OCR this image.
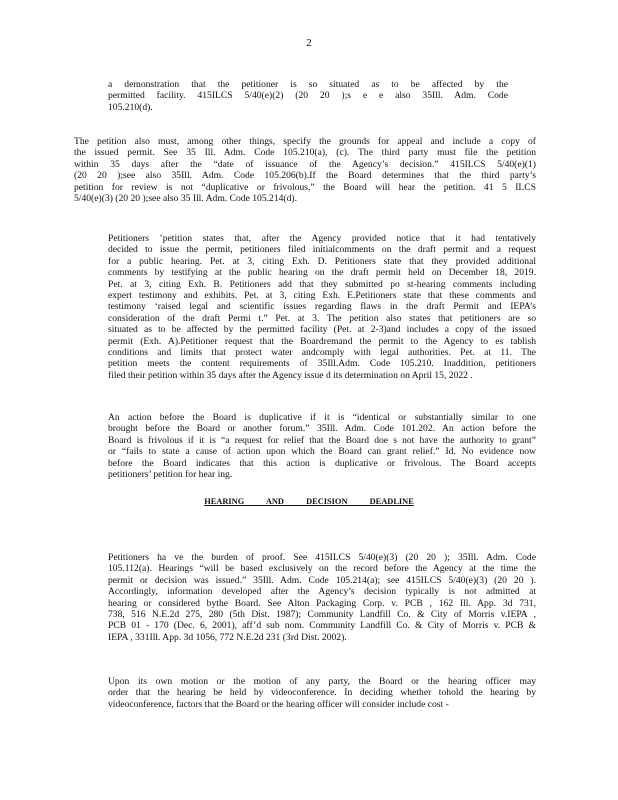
2
a demonstration that the petitioner is so situated as to be affected by the
permitted facility. 415ILCS 5/40(e)(2) (20 20 );s e e also 35Ill. Adm. Code
105.210(d).
The petition also must, among other things, specify the grounds for appeal and include a copy of
the issued permit. See 35 Ill. Adm. Code 105.210(a), (c). The third party must file the petition
within 35 days after the “date of issuance of the Agency’s decision.” 415ILCS 5/40(e)(1)
(20 20 );see also 35Ill. Adm. Code 105.206(b).If the Board determines that the third party’s
petition for review is not “duplicative or frivolous,” the Board will hear the petition. 41 5 ILCS
5/40(e)(3) (20 20 );see also 35 Ill. Adm. Code 105.214(d).
Petitioners ’petition states that, after the Agency provided notice that it had tentatively
decided to issue the permit, petitioners filed initialcomments on the draft permit and a request
for a public hearing. Pet. at 3, citing Exh. D. Petitioners state that they provided additional
comments by testifying at the public hearing on the draft permit held on December 18, 2019.
Pet. at 3, citing Exh. B. Petitioners add that they submitted po st-hearing comments including
expert testimony and exhibits. Pet. at 3, citing Exh. E.Petitioners state that these comments and
testimony ‘raised legal and scientific issues regarding flaws in the draft Permit and IEPA’s
consideration of the draft Permi t.” Pet. at 3. The petition also states that petitioners are so
situated as to be affected by the permitted facility (Pet. at 2-3)and includes a copy of the issued
permit (Exh. A).Petitioner request that the Boardremand the permit to the Agency to es tablish
conditions and limits that protect water andcomply with legal authorities. Pet. at 11. The
petition meets the content requirements of 35Ill.Adm. Code 105.210. Inaddition, petitioners
filed their petition within 35 days after the Agency issue d its determination on April 15, 2022 .
An action before the Board is duplicative if it is “identical or substantially similar to one
brought before the Board or another forum.” 35Ill. Adm. Code 101.202. An action before the
Board is frivolous if it is “a request for relief that the Board doe s not have the authority to grant”
or “fails to state a cause of action upon which the Board can grant relief.” Id. No evidence now
before the Board indicates that this action is duplicative or frivolous. The Board accepts
petitioners’ petition for hear ing.
HEARING AND DECISION DEADLINE
Petitioners ha ve the burden of proof. See 415ILCS 5/40(e)(3) (20 20 ); 35Ill. Adm. Code
105.112(a). Hearings “will be based exclusively on the record before the Agency at the time the
permit or decision was issued.” 35Ill. Adm. Code 105.214(a); see 415ILCS 5/40(e)(3) (20 20 ).
Accordingly, information developed after the Agency’s decision typically is not admitted at
hearing or considered bythe Board. See Alton Packaging Corp. v. PCB , 162 Ill. App. 3d 731,
738, 516 N.E.2d 275, 280 (5th Dist. 1987); Community Landfill Co. & City of Morris v.IEPA ,
PCB 01 - 170 (Dec. 6, 2001), aff’d sub nom. Community Landfill Co. & City of Morris v. PCB &
IEPA , 331Ill. App. 3d 1056, 772 N.E.2d 231 (3rd Dist. 2002).
Upon its own motion or the motion of any party, the Board or the hearing officer may
order that the hearing be held by videoconference. In deciding whether tohold the hearing by
videoconference, factors that the Board or the hearing officer will consider include cost -
